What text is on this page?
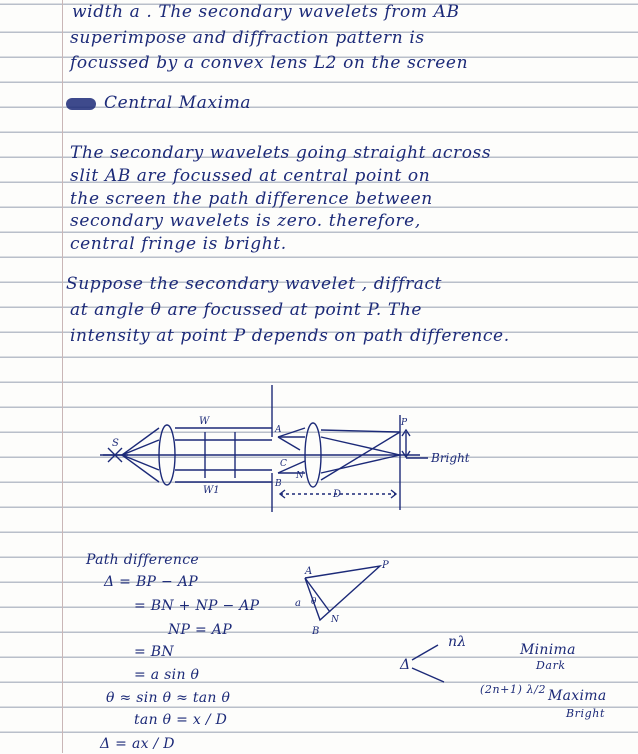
width a . The secondary wavelets from AB
superimpose and diffraction pattern is
focussed by a convex lens L2 on the screen
Central Maxima
The secondary wavelets going straight across
slit AB are focussed at central point on
the screen the path difference between
secondary wavelets is zero. therefore,
central fringe is bright.
Suppose the secondary wavelet , diffract
at angle θ are focussed at point P. The
intensity at point P depends on path difference.
W
W1
S
A
B
C
N
P
D
Bright
A
P
B
N
a θ
Path difference
Δ = BP − AP
= BN + NP − AP
NP = AP
= BN
= a sin θ
θ ≈ sin θ ≈ tan θ
tan θ = x / D
Δ = ax / D
Δ
nλ	Minima
Dark
(2n+1) λ/2 Maxima
Bright
